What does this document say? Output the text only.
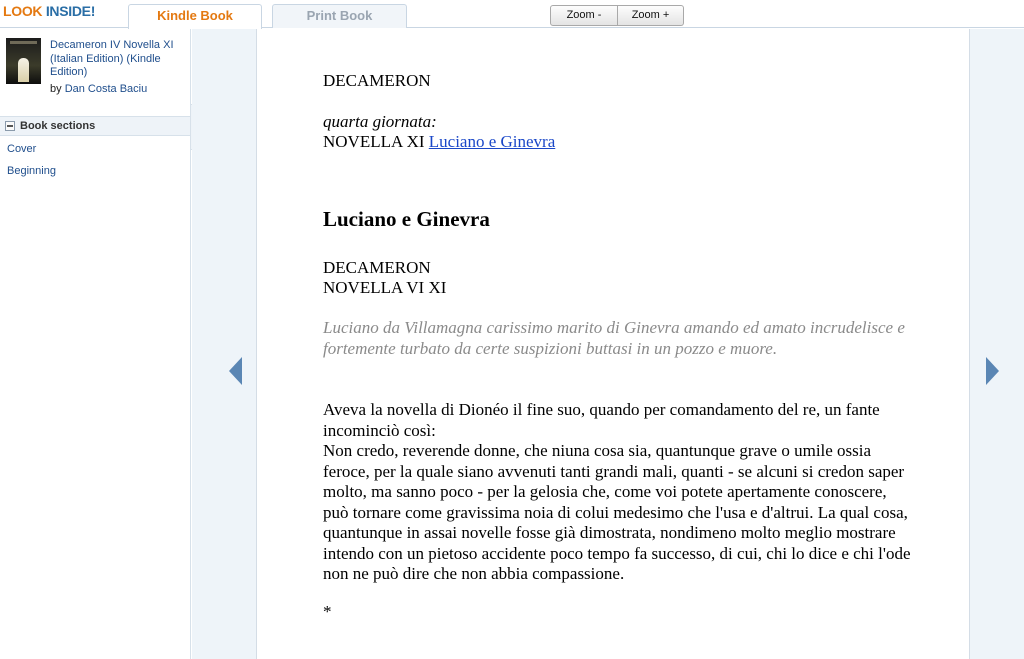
LOOK INSIDE!	Kindle Book	Print Book	Zoom -	Zoom +
Decameron IV Novella XI (Italian Edition) (Kindle Edition)
by Dan Costa Baciu
Book sections
Cover
Beginning
DECAMERON
quarta giornata:
NOVELLA XI Luciano e Ginevra
Luciano e Ginevra
DECAMERON
NOVELLA VI XI
Luciano da Villamagna carissimo marito di Ginevra amando ed amato incrudelisce e fortemente turbato da certe suspizioni buttasi in un pozzo e muore.
Aveva la novella di Dionéo il fine suo, quando per comandamento del re, un fante incominciò così:
Non credo, reverende donne, che niuna cosa sia, quantunque grave o umile ossia feroce, per la quale siano avvenuti tanti grandi mali, quanti - se alcuni si credon saper molto, ma sanno poco - per la gelosia che, come voi potete apertamente conoscere, può tornare come gravissima noia di colui medesimo che l'usa e d'altrui. La qual cosa, quantunque in assai novelle fosse già dimostrata, nondimeno molto meglio mostrare intendo con un pietoso accidente poco tempo fa successo, di cui, chi lo dice e chi l'ode non ne può dire che non abbia compassione.
*
